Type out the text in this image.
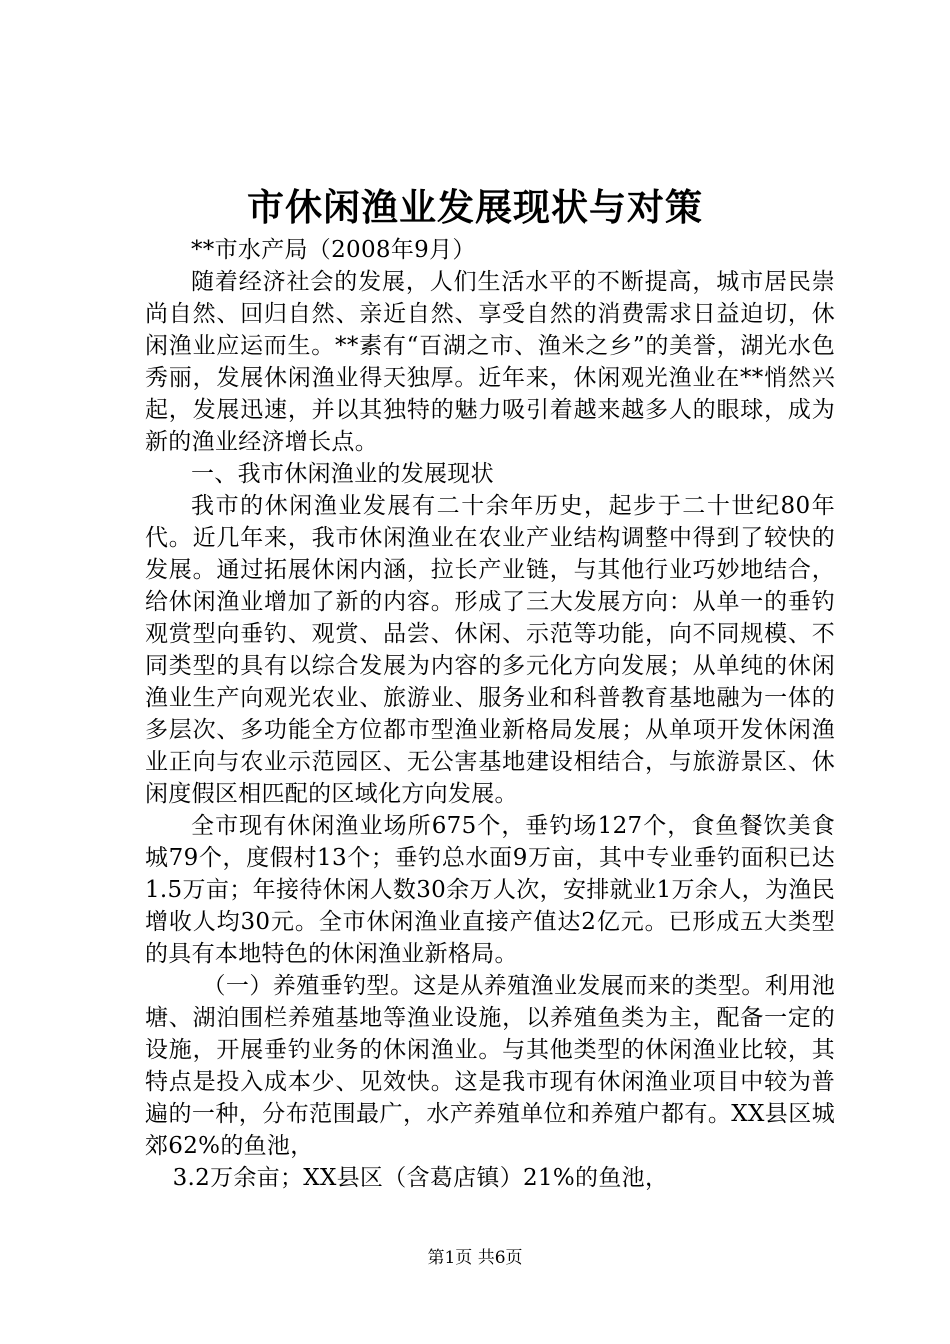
市休闲渔业发展现状与对策

**市水产局（2008年9月）

随着经济社会的发展，人们生活水平的不断提高，城市居民崇尚自然、回归自然、亲近自然、享受自然的消费需求日益迫切，休闲渔业应运而生。**素有“百湖之市、渔米之乡”的美誉，湖光水色秀丽，发展休闲渔业得天独厚。近年来，休闲观光渔业在**悄然兴起，发展迅速，并以其独特的魅力吸引着越来越多人的眼球，成为新的渔业经济增长点。

一、我市休闲渔业的发展现状

我市的休闲渔业发展有二十余年历史，起步于二十世纪80年代。近几年来，我市休闲渔业在农业产业结构调整中得到了较快的发展。通过拓展休闲内涵，拉长产业链，与其他行业巧妙地结合，给休闲渔业增加了新的内容。形成了三大发展方向：从单一的垂钓观赏型向垂钓、观赏、品尝、休闲、示范等功能，向不同规模、不同类型的具有以综合发展为内容的多元化方向发展；从单纯的休闲渔业生产向观光农业、旅游业、服务业和科普教育基地融为一体的多层次、多功能全方位都市型渔业新格局发展；从单项开发休闲渔业正向与农业示范园区、无公害基地建设相结合，与旅游景区、休闲度假区相匹配的区域化方向发展。

全市现有休闲渔业场所675个，垂钓场127个，食鱼餐饮美食城79个，度假村13个；垂钓总水面9万亩，其中专业垂钓面积已达1.5万亩；年接待休闲人数30余万人次，安排就业1万余人，为渔民增收人均30元。全市休闲渔业直接产值达2亿元。已形成五大类型的具有本地特色的休闲渔业新格局。

（一）养殖垂钓型。这是从养殖渔业发展而来的类型。利用池塘、湖泊围栏养殖基地等渔业设施，以养殖鱼类为主，配备一定的设施，开展垂钓业务的休闲渔业。与其他类型的休闲渔业比较，其特点是投入成本少、见效快。这是我市现有休闲渔业项目中较为普遍的一种，分布范围最广，水产养殖单位和养殖户都有。XX县区城郊62%的鱼池，

3.2万余亩；XX县区（含葛店镇）21%的鱼池，

第1页 共6页
